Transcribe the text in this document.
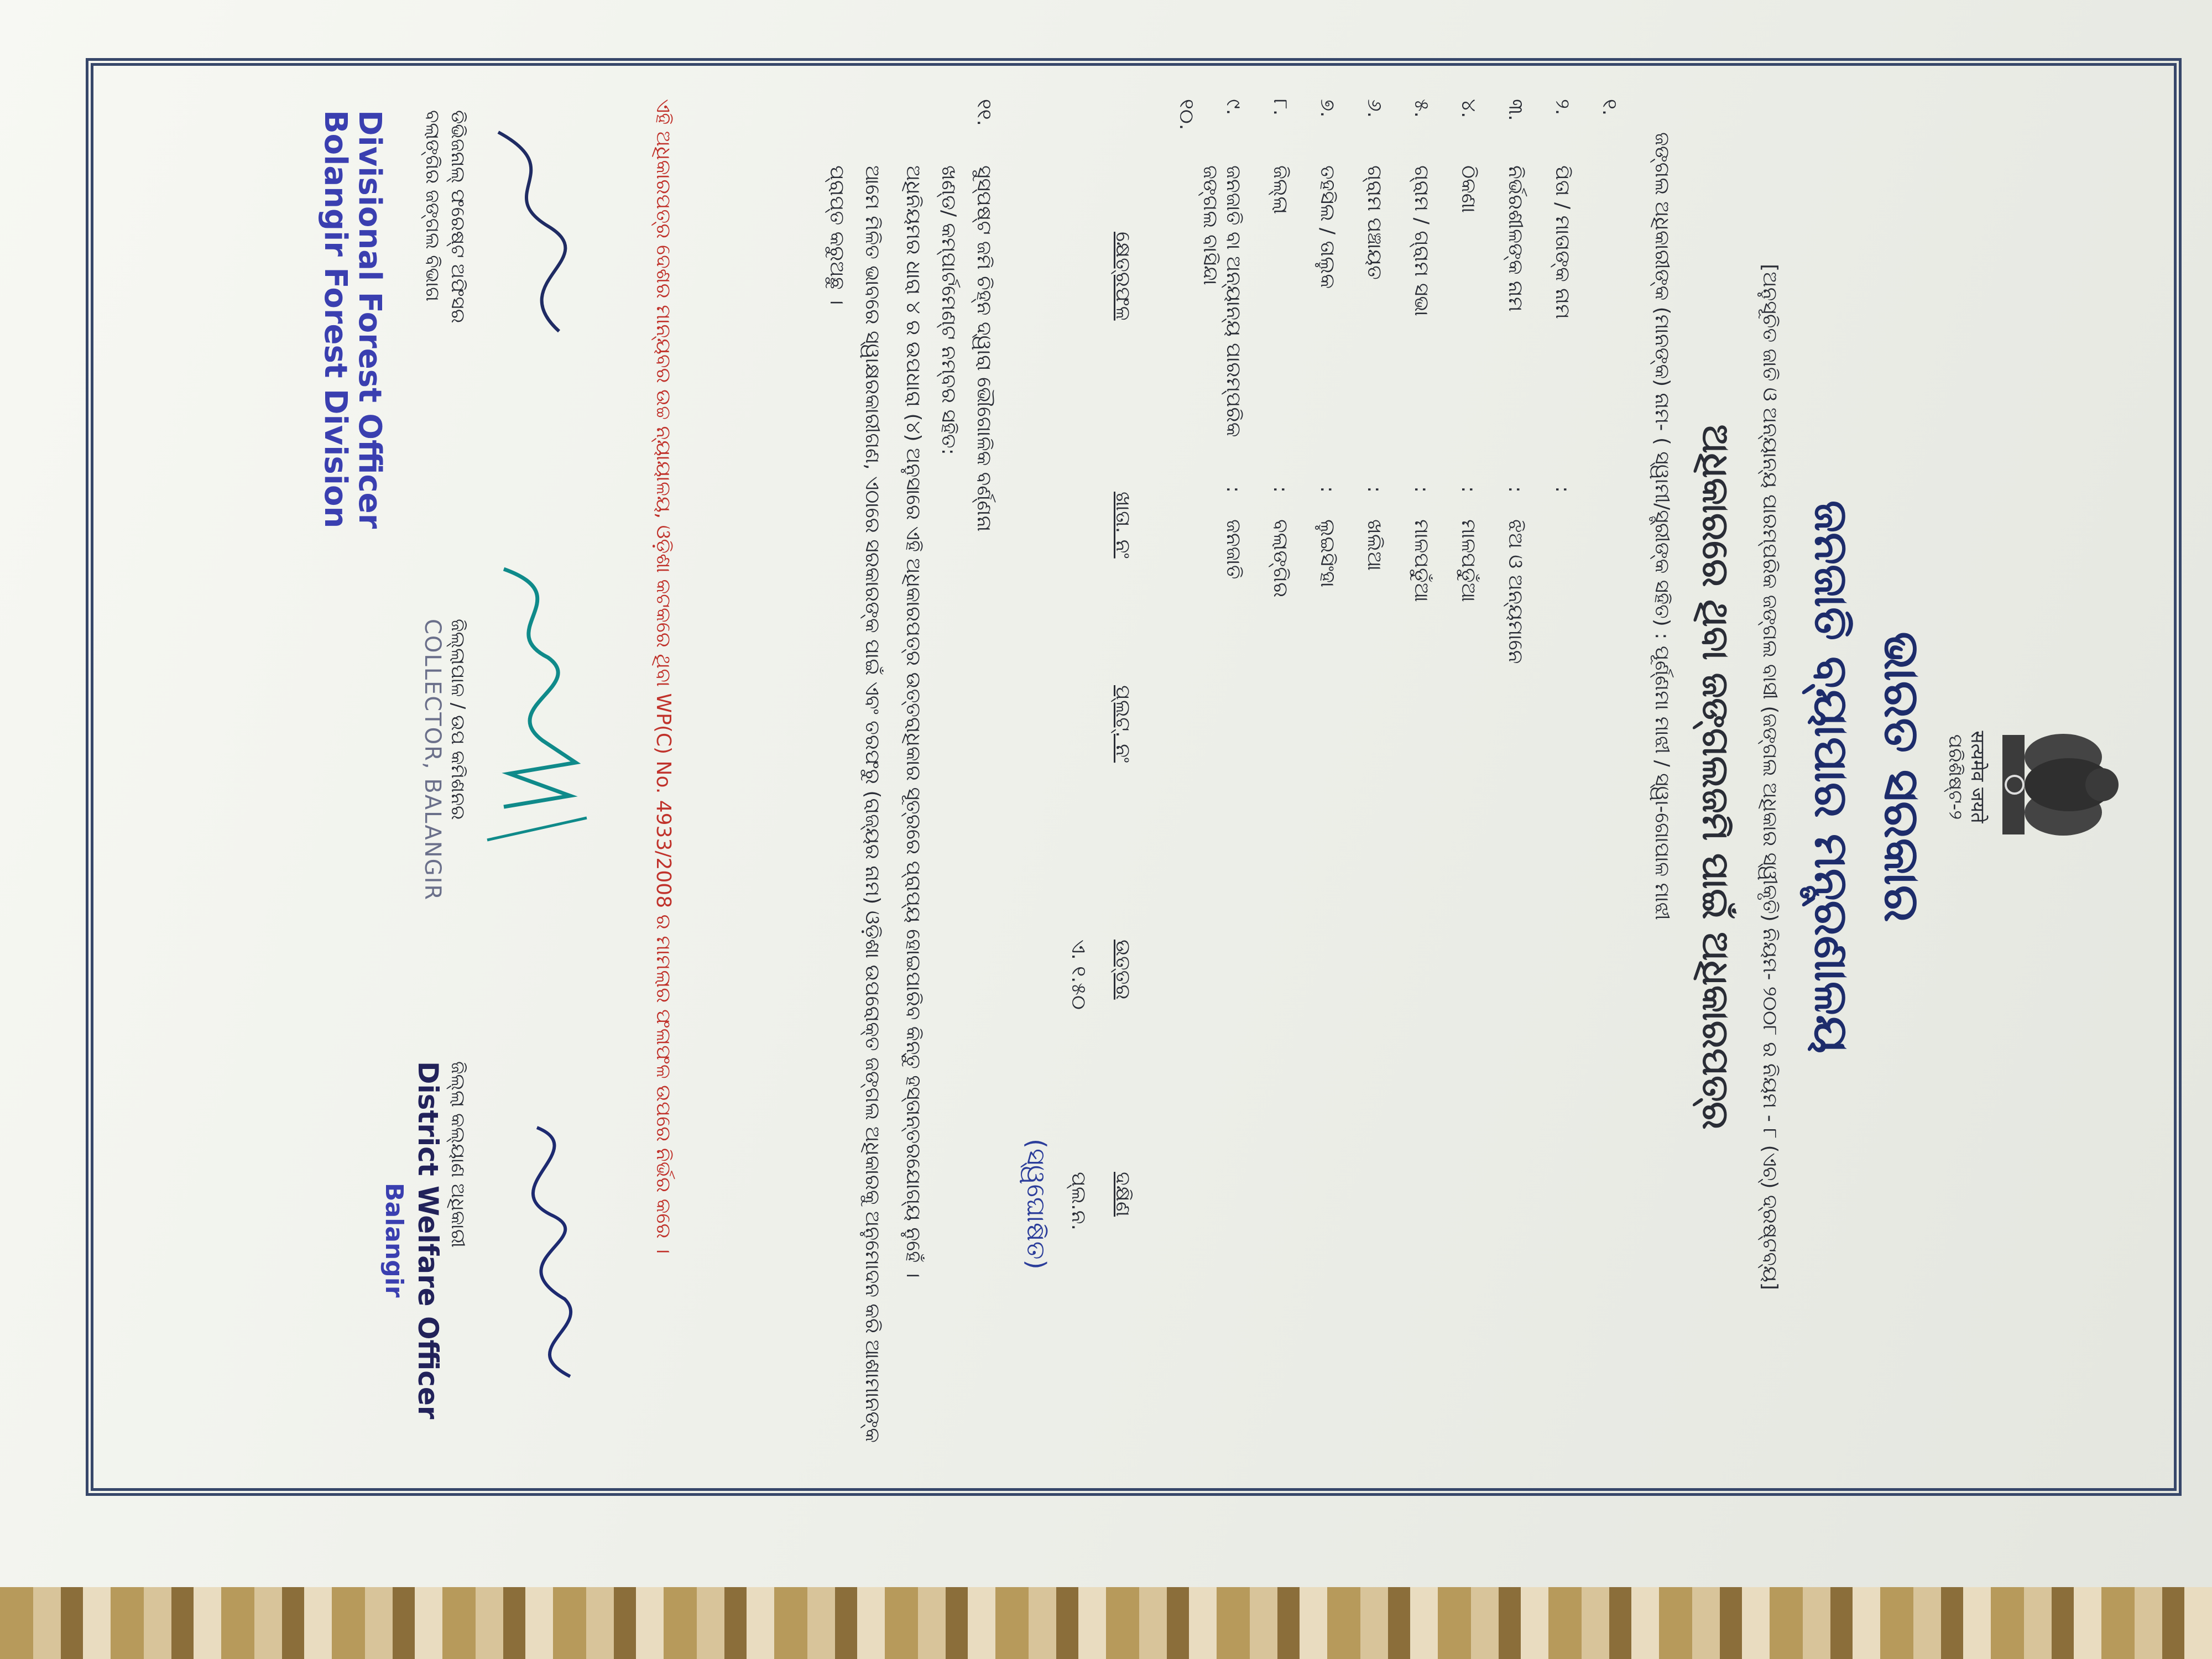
सत्यमेव जयते
ପରିଶିଷ୍ଟ-୨
ଭାରତ ସରକାର
ଜନଜାତି ବ୍ୟାପାର ମନ୍ତ୍ରଣାଳୟ
[ଅନୁସୂଚିତ ଜାତି ଓ ଅନ୍ୟାନ୍ୟ ପାରମ୍ପରିକ ଜଙ୍ଗଲ ବାସୀ (ଜଙ୍ଗଲ ଅଧିକାର ସ୍ୱୀକୃତି) ନିୟମ- ୨୦୦୮ ର ନିୟମ - ୮ (ଏଚ୍) ଦ୍ରଷ୍ଟବ୍ୟ]
ଅଧିକାରରେ ଥିବା ଜଙ୍ଗଲଜମି ପାଇଁ ଅଧିକାରପତ୍ର
ଜଙ୍ଗଲ ଅଧିକାରୀଙ୍କ (ମାନଙ୍କ) ନାମ- ( ସ୍ୱାମୀ/ସ୍ତ୍ରୀଙ୍କ ସହିତ) : ପୂର୍ଣ୍ଣମା ମାଝୀ / ସ୍ୱା-ଗୋପାଳ ମାଝୀ
୧.
୨.
ପିତା / ମାତାଙ୍କ ନାମ
:
୩.
ନିର୍ଭରଶୀଳଙ୍କ ନାମ
ଝିଅ ଓ ଅନ୍ୟମାନେ
:
୪.
ଠିକଣା
ମାଳପଡ଼ୁଁଆ
:
୫.
ଗ୍ରାମ / ଗ୍ରାମ ସଭା
ମାଳପଡ଼ୁଁଆ
:
୬.
ଗ୍ରାମ ପଞ୍ଚାୟତ
ଖଲିଆ
:
୭.
ତହସିଲ / ତାଲୁକ
ଲୁଇସିଂହା
:
୮.
ଜିଲ୍ଲା
ବଲାଙ୍ଗିର
:
୯.
ଜନଜାତି ବା ଅନ୍ୟାନ୍ୟ ପାରମ୍ପରିକ ଜଙ୍ଗଲ ବାସିନ୍ଦା
ଜନଜାତି
:
୧୦.
କ୍ଷେତ୍ରଫଳ
ଖାତା. ନଂ
ପ୍ଲଟ୍. ନଂ
ଉତ୍ତର
ଦକ୍ଷିଣ
ଏ. ୧.୫୦
ପ୍ଲ.ନ.
(ସ୍ୱଘୋଷିତ)
୧୧.
ସୁସ୍ପଷ୍ଟ ଜମି ଚିହ୍ନ ଦ୍ୱାରା ଭୌଗୋଳିକ ବର୍ଣ୍ଣନା
ଖଣ୍ଡ/ କମ୍ପାର୍ଟମେଣ୍ଟ ନମ୍ବର ସହିତ:
ଅଧିନିୟମର ଧାରା ୪ ର ଉପଧାରା (୪) ଅନୁସାରେ ଏହି ଅଧିକାରପତ୍ର ଉତ୍ତରାଧିକାର ସୂତ୍ରରେ ପ୍ରାପ୍ୟ ହୋଇପାରିବ କିନ୍ତୁ ହସ୍ତାନ୍ତରଯୋଗ୍ୟ ନୁହେଁ ।
ଆମେ ମିଳିତ ଭାବରେ ସ୍ୱାକ୍ଷରକାରୀଗଣ, ଏଠାରେ ସରକାରଙ୍କ ପାଇଁ ଏବଂ ତରଫରୁ (ରାଜ୍ୟର ନାମ) ଓଡ଼ିଶା ଉପରୋକ୍ତ ଜଙ୍ଗଲ ଅଧିକାରକୁ ଅନୁମୋଦନ କରି ଆଶାମାନଙ୍କ ପ୍ରାପ୍ତ କରୁଅଛୁ ।
ଏହି ଅଧିକାରପତ୍ର ଦେଶର ମାନ୍ୟବର ଉଚ୍ଚ ନ୍ୟାୟାଳୟ, ଓଡ଼ିଶା କଟକରେ ଥିବା WP(C) No. 4933/2008 ର ମାମଲାର ଫଳାଫଳ ଉପରେ ନିର୍ଭର କରେ ।
ଡିଭିଜନାଲ୍ ଫରେଷ୍ଟ ଅଫିସର
ବଲାଙ୍ଗିର ଜଙ୍ଗଲ ବିଭାଗ
Divisional Forest Officer
Bolangir Forest Division
ଜିଲ୍ଲାପାଳ / ଉପ କମିଶନର
COLLECTOR, BALANGIR
ଜିଲ୍ଲା କଲ୍ୟାଣ ଅଧିକାରୀ
District Welfare Officer
Balangir
